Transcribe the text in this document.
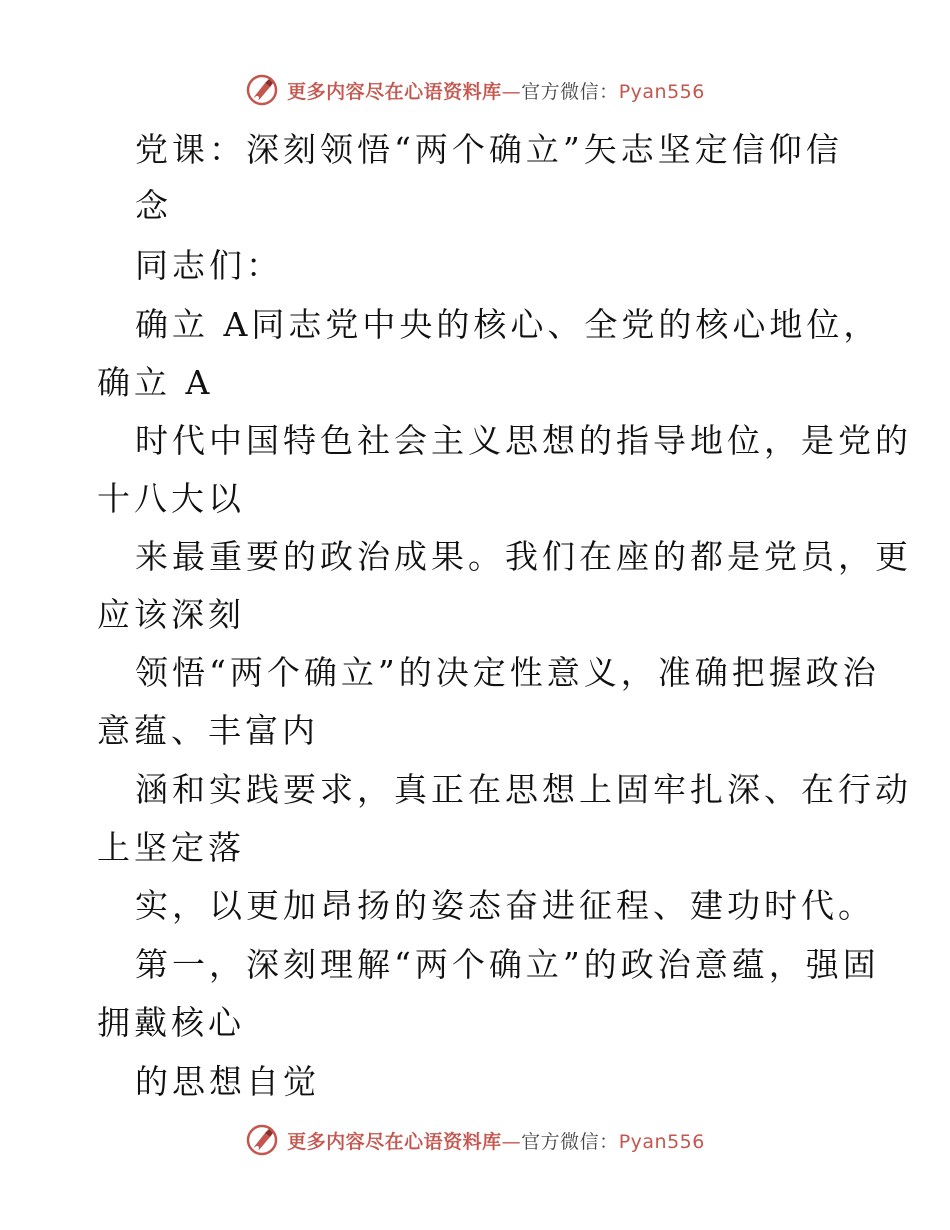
更多内容尽在心语资料库—官方微信：Pyan556
党课：深刻领悟“两个确立”矢志坚定信仰信
念
同志们：
确立 A同志党中央的核心、全党的核心地位，
确立 A
时代中国特色社会主义思想的指导地位，是党的
十八大以
来最重要的政治成果。我们在座的都是党员，更
应该深刻
领悟“两个确立”的决定性意义，准确把握政治
意蕴、丰富内
涵和实践要求，真正在思想上固牢扎深、在行动
上坚定落
实，以更加昂扬的姿态奋进征程、建功时代。
第一，深刻理解“两个确立”的政治意蕴，强固
拥戴核心
的思想自觉
更多内容尽在心语资料库—官方微信：Pyan556
